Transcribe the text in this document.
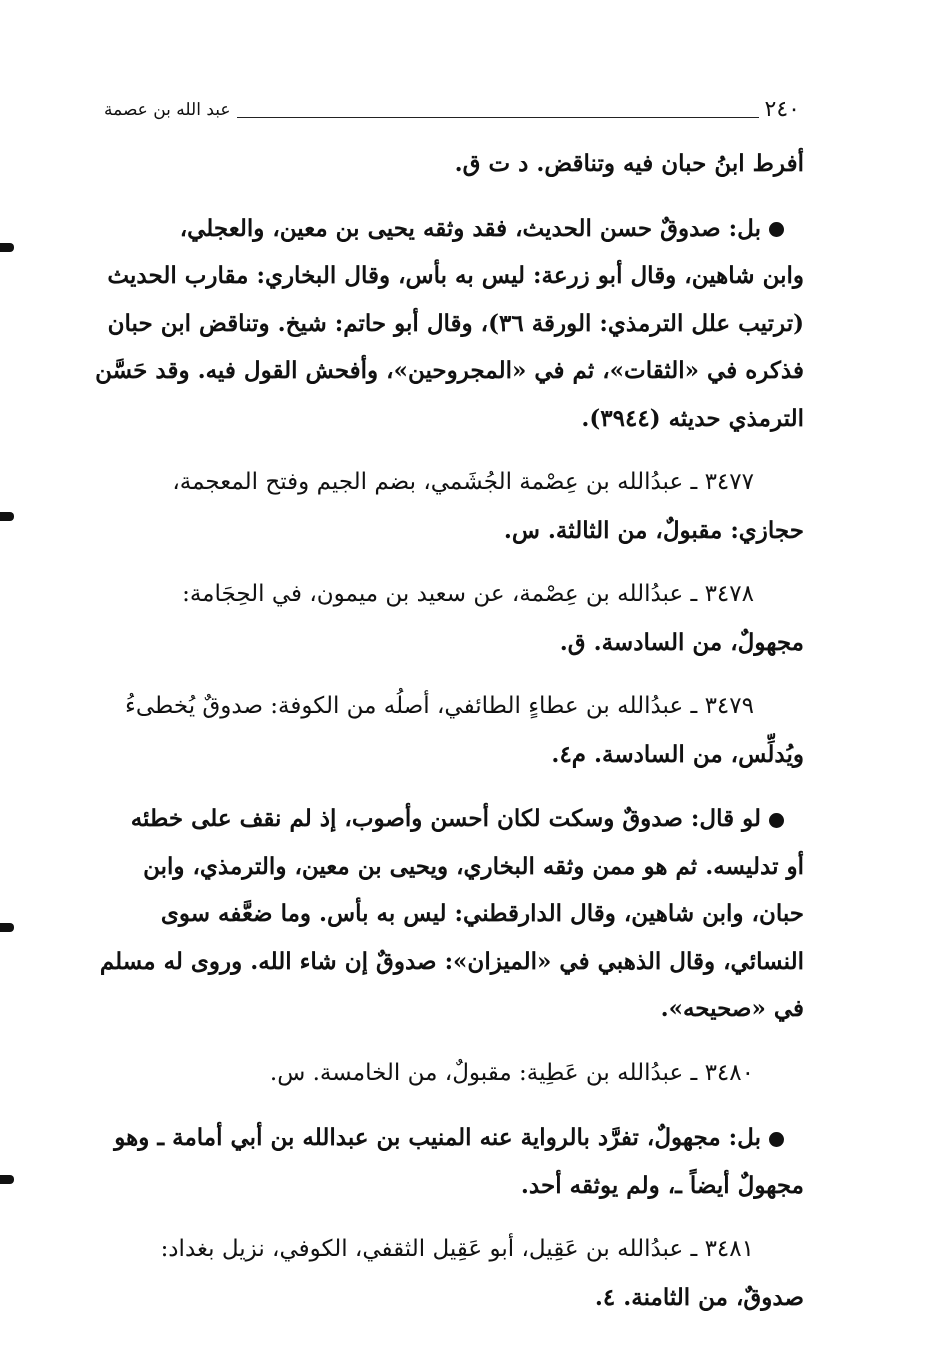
٢٤٠
عبد الله بن عصمة
أفرط ابنُ حبان فيه وتناقض. د ت ق.
بل: صدوقٌ حسن الحديث، فقد وثقه يحيى بن معين، والعجلي،
وابن شاهين، وقال أبو زرعة: ليس به بأس، وقال البخاري: مقارب الحديث
(ترتيب علل الترمذي: الورقة ٣٦)، وقال أبو حاتم: شيخ. وتناقض ابن حبان
فذكره في «الثقات»، ثم في «المجروحين»، وأفحش القول فيه. وقد حَسَّن
الترمذي حديثه (٣٩٤٤).
٣٤٧٧ ـ عبدُالله بن عِصْمة الجُشَمي، بضم الجيم وفتح المعجمة،
حجازي: مقبولٌ، من الثالثة. س.
٣٤٧٨ ـ عبدُالله بن عِصْمة، عن سعيد بن ميمون، في الحِجَامة:
مجهولٌ، من السادسة. ق.
٣٤٧٩ ـ عبدُالله بن عطاءٍ الطائفي، أصلُه من الكوفة: صدوقٌ يُخطىءُ
ويُدلِّس، من السادسة. م٤.
لو قال: صدوقٌ وسكت لكان أحسن وأصوب، إذ لم نقف على خطئه
أو تدليسه. ثم هو ممن وثقه البخاري، ويحيى بن معين، والترمذي، وابن
حبان، وابن شاهين، وقال الدارقطني: ليس به بأس. وما ضعَّفه سوى
النسائي، وقال الذهبي في «الميزان»: صدوقٌ إن شاء الله. وروى له مسلم
في «صحيحه».
٣٤٨٠ ـ عبدُالله بن عَطِية: مقبولٌ، من الخامسة. س.
بل: مجهولٌ، تفرَّد بالرواية عنه المنيب بن عبدالله بن أبي أمامة ـ وهو
مجهولٌ أيضاً ـ، ولم يوثقه أحد.
٣٤٨١ ـ عبدُالله بن عَقِيل، أبو عَقِيل الثقفي، الكوفي، نزيل بغداد:
صدوقٌ، من الثامنة. ٤.
